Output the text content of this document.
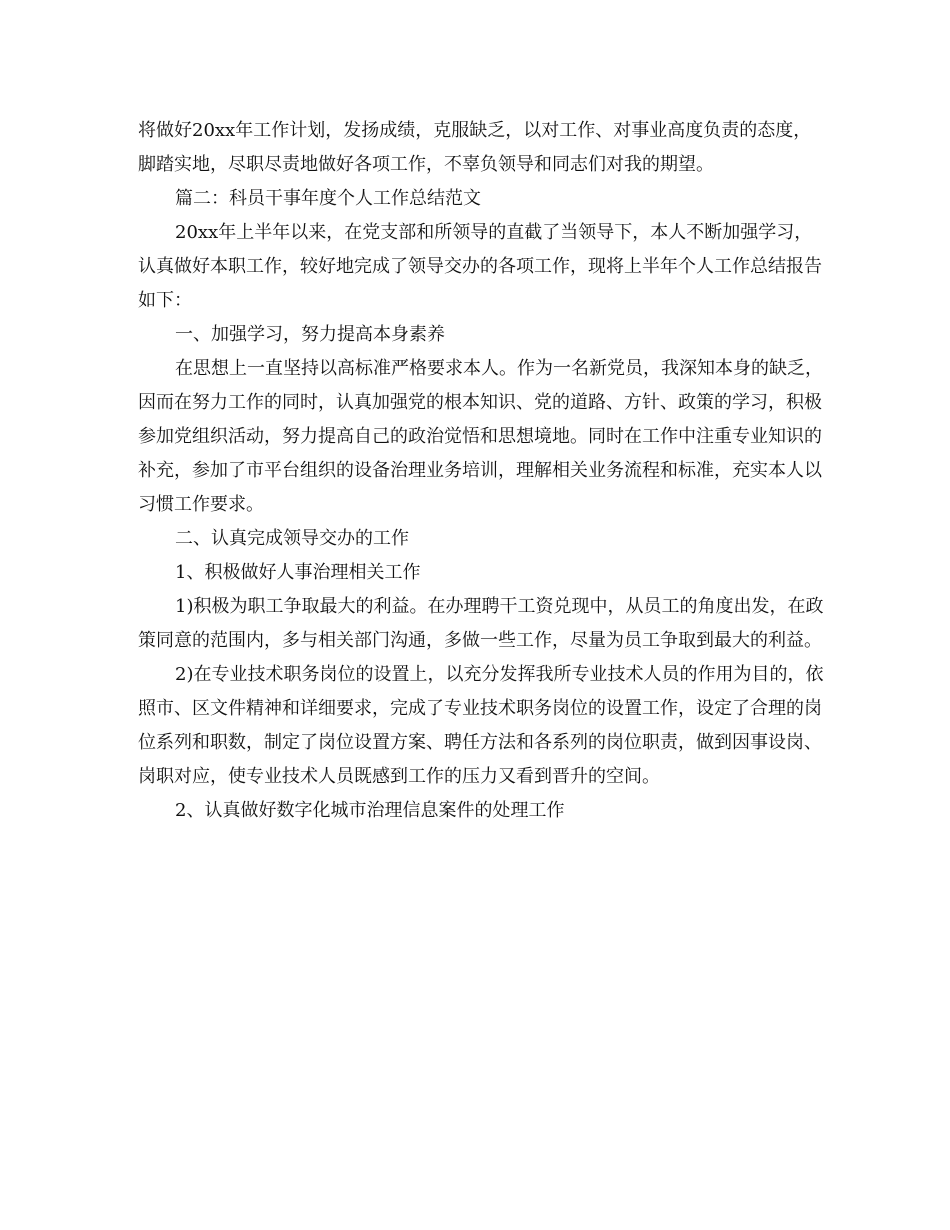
将做好20xx年工作计划，发扬成绩，克服缺乏，以对工作、对事业高度负责的态度，脚踏实地，尽职尽责地做好各项工作，不辜负领导和同志们对我的期望。

篇二：科员干事年度个人工作总结范文

20xx年上半年以来，在党支部和所领导的直截了当领导下，本人不断加强学习，认真做好本职工作，较好地完成了领导交办的各项工作，现将上半年个人工作总结报告如下：

一、加强学习，努力提高本身素养

在思想上一直坚持以高标准严格要求本人。作为一名新党员，我深知本身的缺乏，因而在努力工作的同时，认真加强党的根本知识、党的道路、方针、政策的学习，积极参加党组织活动，努力提高自己的政治觉悟和思想境地。同时在工作中注重专业知识的补充，参加了市平台组织的设备治理业务培训，理解相关业务流程和标准，充实本人以习惯工作要求。

二、认真完成领导交办的工作

1、积极做好人事治理相关工作

1)积极为职工争取最大的利益。在办理聘干工资兑现中，从员工的角度出发，在政策同意的范围内，多与相关部门沟通，多做一些工作，尽量为员工争取到最大的利益。

2)在专业技术职务岗位的设置上，以充分发挥我所专业技术人员的作用为目的，依照市、区文件精神和详细要求，完成了专业技术职务岗位的设置工作，设定了合理的岗位系列和职数，制定了岗位设置方案、聘任方法和各系列的岗位职责，做到因事设岗、岗职对应，使专业技术人员既感到工作的压力又看到晋升的空间。

2、认真做好数字化城市治理信息案件的处理工作
